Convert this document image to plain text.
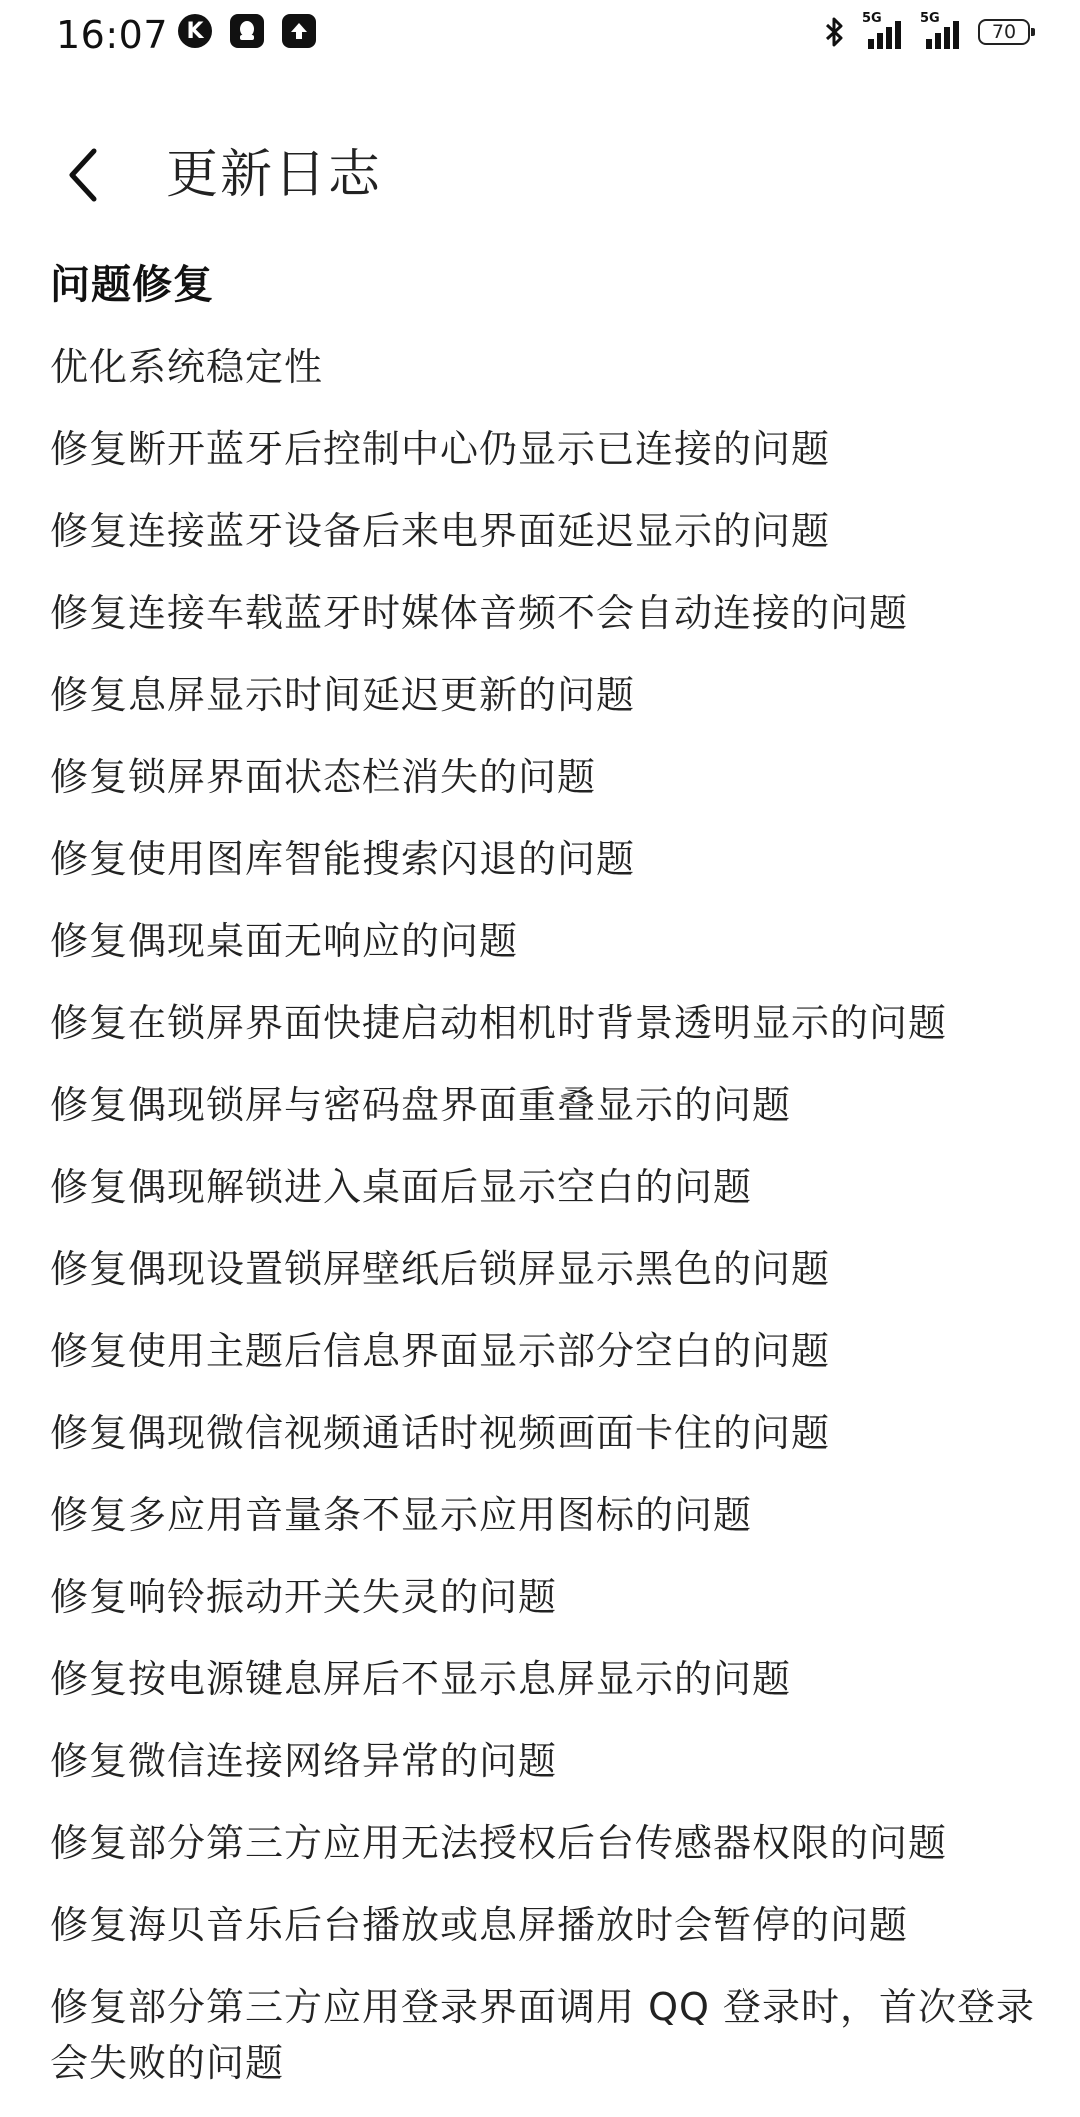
16:07 K	5G	5G
70
更新日志
问题修复
优化系统稳定性
修复断开蓝牙后控制中心仍显示已连接的问题
修复连接蓝牙设备后来电界面延迟显示的问题
修复连接车载蓝牙时媒体音频不会自动连接的问题
修复息屏显示时间延迟更新的问题
修复锁屏界面状态栏消失的问题
修复使用图库智能搜索闪退的问题
修复偶现桌面无响应的问题
修复在锁屏界面快捷启动相机时背景透明显示的问题
修复偶现锁屏与密码盘界面重叠显示的问题
修复偶现解锁进入桌面后显示空白的问题
修复偶现设置锁屏壁纸后锁屏显示黑色的问题
修复使用主题后信息界面显示部分空白的问题
修复偶现微信视频通话时视频画面卡住的问题
修复多应用音量条不显示应用图标的问题
修复响铃振动开关失灵的问题
修复按电源键息屏后不显示息屏显示的问题
修复微信连接网络异常的问题
修复部分第三方应用无法授权后台传感器权限的问题
修复海贝音乐后台播放或息屏播放时会暂停的问题
修复部分第三方应用登录界面调用 QQ 登录时，首次登录会失败的问题
